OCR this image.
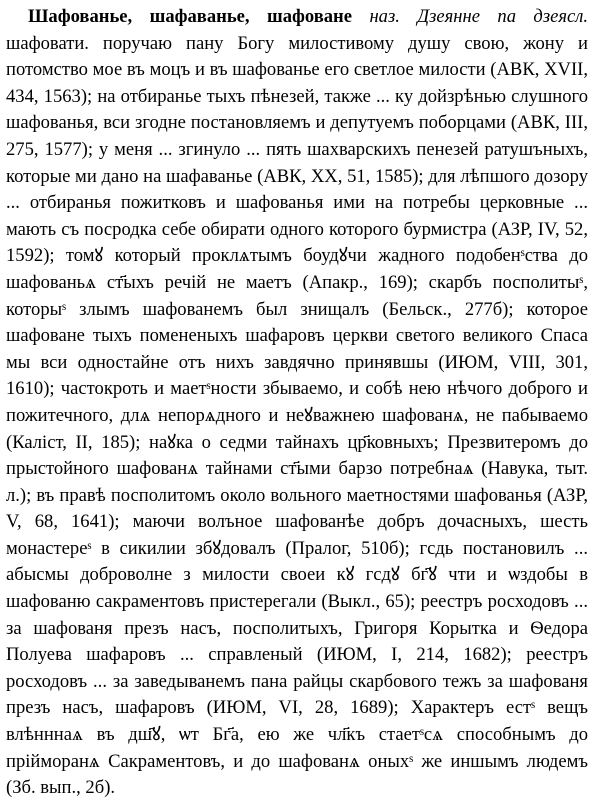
Шафованье, шафаванье, шафоване наз. Дзеянне па дзеясл. шафовати. поручаю пану Богу милостивому душу свою, жону и потомство мое въ моцъ и въ шафованье его светлое милости (АВК, XVII, 434, 1563); на отбиранье тыхъ пѣнезей, также ... ку дойзрѣнью слушного шафованья, вси згодне постановляемъ и депутуемъ поборцами (АВК, III, 275, 1577); у меня ... згинуло ... пять шахварскихъ пенезей ратушъныхъ, которые ми дано на шафаванье (АВК, XX, 51, 1585); для лѣпшого дозору ... отбиранья пожитковъ и шафованья ими на потребы церковные ... мають съ посродка себе обирати одного которого бурмистра (АЗР, IV, 52, 1592); томꙋ который проклѧтымъ боудꙋчи жадного подобенˢства до шафованьѧ ст҃ыхъ речій не маетъ (Апакр., 169); скарбъ посполитыˢ, которыˢ злымъ шафованемъ был знищалъ (Бельск., 277б); которое шафоване тыхъ помененыхъ шафаровъ церкви светого великого Спаса мы вси одностайне отъ нихъ завдячно принявшы (ИЮМ, VIII, 301, 1610); частокроть и маетˢности збываемо, и собѣ нею нѣчого доброго и пожитечного, длѧ непорѧдного и неꙋважнею шафованѧ, не пабываемо (Каліст, II, 185); наꙋка о седми тайнахъ цр҃ковныхъ; Презвитеромъ до прыстойного шафованѧ тайнами ст҃ыми барзо потребнаѧ (Навука, тыт. л.); въ правѣ посполитомъ около вольного маетностями шафованья (АЗР, V, 68, 1641); маючи волъное шафованѣе добръ дочасныхъ, шесть монастереˢ в сикилии збꙋдовалъ (Пралог, 510б); гсдь постановилъ ... абысмы доброволне з милости своеи кꙋ гсдꙋ бг҃ꙋ чти и ѡздобы в шафованю сакраментовъ пристерегали (Выкл., 65); реестръ росходовъ ... за шафованя презъ насъ, посполитыхъ, Григоря Корытка и Ѳедора Полуева шафаровъ ... справленый (ИЮМ, I, 214, 1682); реестръ росходовъ ... за заведыванемъ пана райцы скарбового тежъ за шафованя презъ насъ, шафаровъ (ИЮМ, VI, 28, 1689); Характеръ естˢ вещъ влѣнннаѧ въ дш҃ꙋ, ѡт Бг҃а, ею же чл҃къ стаетˢсѧ способнымъ до прійморанѧ Сакраментовъ, и до шафованѧ оныхˢ же иншымъ людемъ (Зб. вып., 2б).
